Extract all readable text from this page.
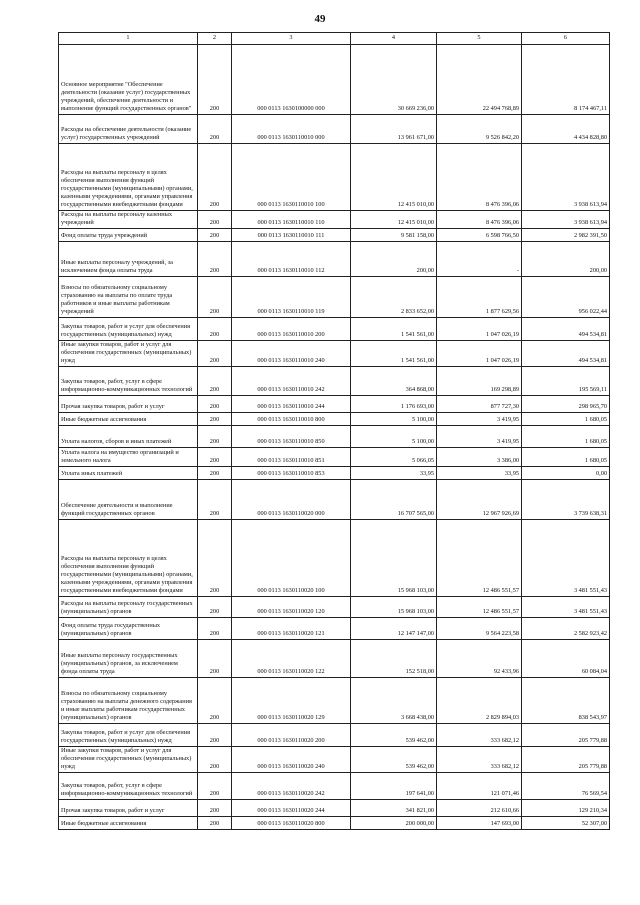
49
1	2	3	4	5	6
Основное мероприятие "Обеспечение деятельности (оказание услуг) государственных учреждений, обеспечение деятельности и выполнение функций государственных органов"	200	000 0113 1630100000 000	30 669 236,00	22 494 768,89	8 174 467,11
Расходы на обеспечение деятельности (оказание услуг) государственных учреждений	200	000 0113 1630110010 000	13 961 671,00	9 526 842,20	4 434 828,80
Расходы на выплаты персоналу в целях обеспечения выполнения функций государственными (муниципальными) органами, казенными учреждениями, органами управления государственными внебюджетными фондами	200	000 0113 1630110010 100	12 415 010,00	8 476 396,06	3 938 613,94
Расходы на выплаты персоналу казенных учреждений	200	000 0113 1630110010 110	12 415 010,00	8 476 396,06	3 938 613,94
Фонд оплаты труда учреждений	200	000 0113 1630110010 111	9 581 158,00	6 598 766,50	2 982 391,50
Иные выплаты персоналу учреждений, за исключением фонда оплаты труда	200	000 0113 1630110010 112	200,00	-	200,00
Взносы по обязательному социальному страхованию на выплаты по оплате труда работников и иные выплаты работникам учреждений	200	000 0113 1630110010 119	2 833 652,00	1 877 629,56	956 022,44
Закупка товаров, работ и услуг для обеспечения государственных (муниципальных) нужд	200	000 0113 1630110010 200	1 541 561,00	1 047 026,19	494 534,81
Иные закупки товаров, работ и услуг для обеспечения государственных (муниципальных) нужд	200	000 0113 1630110010 240	1 541 561,00	1 047 026,19	494 534,81
Закупка товаров, работ, услуг в сфере информационно-коммуникационных технологий	200	000 0113 1630110010 242	364 868,00	169 298,89	195 569,11
Прочая закупка товаров, работ и услуг	200	000 0113 1630110010 244	1 176 693,00	877 727,30	298 965,70
Иные бюджетные ассигнования	200	000 0113 1630110010 800	5 100,00	3 419,95	1 680,05
Уплата налогов, сборов и иных платежей	200	000 0113 1630110010 850	5 100,00	3 419,95	1 680,05
Уплата налога на имущество организаций и земельного налога	200	000 0113 1630110010 851	5 066,05	3 386,00	1 680,05
Уплата иных платежей	200	000 0113 1630110010 853	33,95	33,95	0,00
Обеспечение деятельности и выполнение функций государственных органов	200	000 0113 1630110020 000	16 707 565,00	12 967 926,69	3 739 638,31
Расходы на выплаты персоналу в целях обеспечения выполнения функций государственными (муниципальными) органами, казенными учреждениями, органами управления государственными внебюджетными фондами	200	000 0113 1630110020 100	15 968 103,00	12 486 551,57	3 481 551,43
Расходы на выплаты персоналу государственных (муниципальных) органов	200	000 0113 1630110020 120	15 968 103,00	12 486 551,57	3 481 551,43
Фонд оплаты труда государственных (муниципальных) органов	200	000 0113 1630110020 121	12 147 147,00	9 564 223,58	2 582 923,42
Иные выплаты персоналу государственных (муниципальных) органов, за исключением фонда оплаты труда	200	000 0113 1630110020 122	152 518,00	92 433,96	60 084,04
Взносы по обязательному социальному страхованию на выплаты денежного содержания и иные выплаты работникам государственных (муниципальных) органов	200	000 0113 1630110020 129	3 668 438,00	2 829 894,03	838 543,97
Закупка товаров, работ и услуг для обеспечения государственных (муниципальных) нужд	200	000 0113 1630110020 200	539 462,00	333 682,12	205 779,88
Иные закупки товаров, работ и услуг для обеспечения государственных (муниципальных) нужд	200	000 0113 1630110020 240	539 462,00	333 682,12	205 779,88
Закупка товаров, работ, услуг в сфере информационно-коммуникационных технологий	200	000 0113 1630110020 242	197 641,00	121 071,46	76 569,54
Прочая закупка товаров, работ и услуг	200	000 0113 1630110020 244	341 821,00	212 610,66	129 210,34
Иные бюджетные ассигнования	200	000 0113 1630110020 800	200 000,00	147 693,00	52 307,00
